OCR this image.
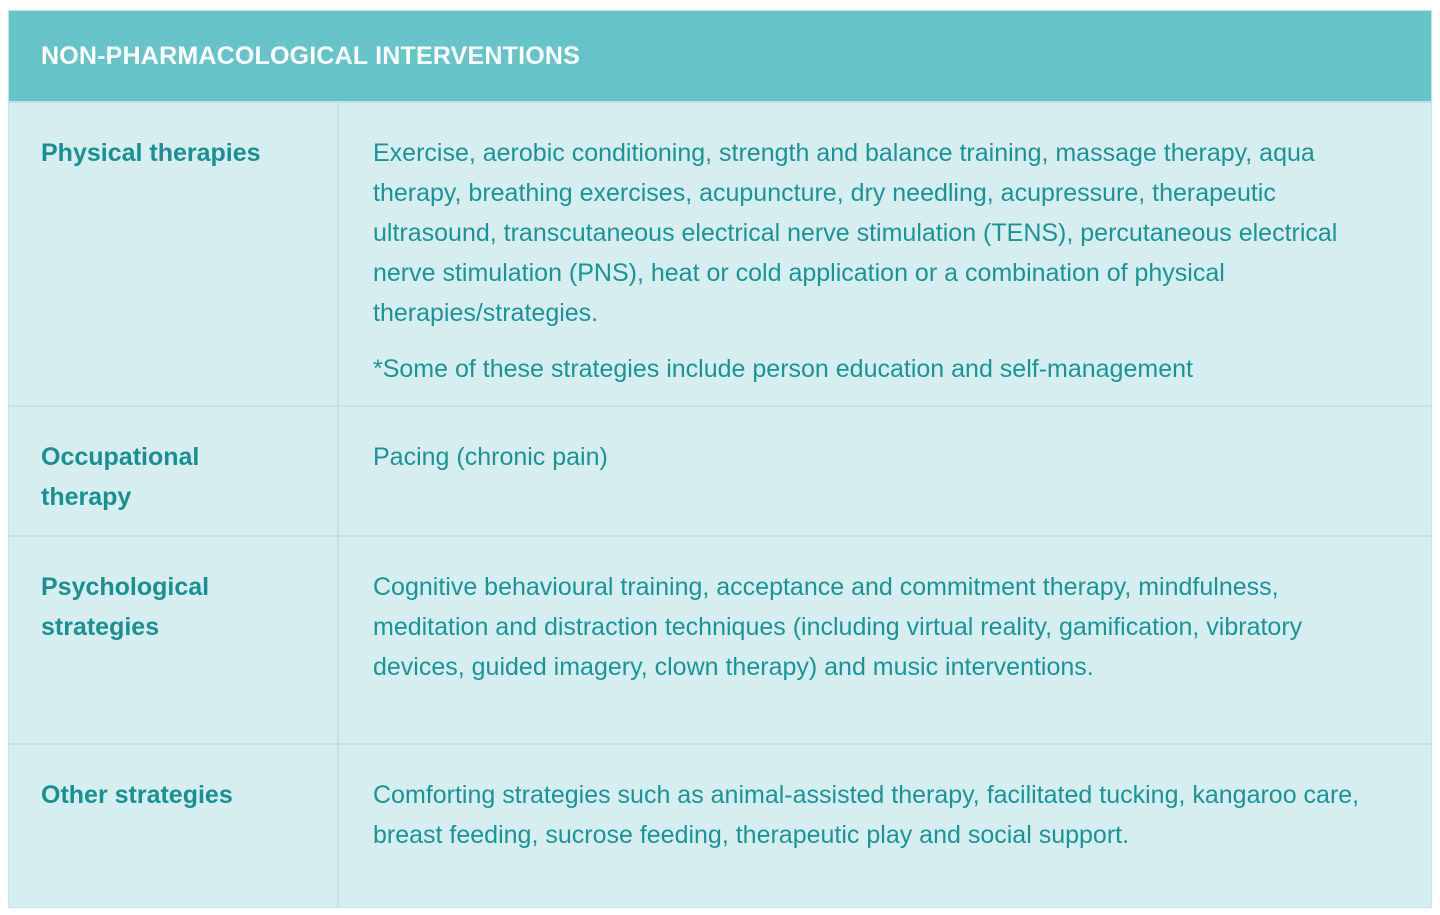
NON-PHARMACOLOGICAL INTERVENTIONS

Physical therapies	Exercise, aerobic conditioning, strength and balance training, massage therapy, aqua therapy, breathing exercises, acupuncture, dry needling, acupressure, therapeutic ultrasound, transcutaneous electrical nerve stimulation (TENS), percutaneous electrical nerve stimulation (PNS), heat or cold application or a combination of physical therapies/strategies.

*Some of these strategies include person education and self-management

Occupational therapy

Pacing (chronic pain)

Psychological strategies

Cognitive behavioural training, acceptance and commitment therapy, mindfulness, meditation and distraction techniques (including virtual reality, gamification, vibratory devices, guided imagery, clown therapy) and music interventions.

Other strategies	Comforting strategies such as animal-assisted therapy, facilitated tucking, kangaroo care, breast feeding, sucrose feeding, therapeutic play and social support.
